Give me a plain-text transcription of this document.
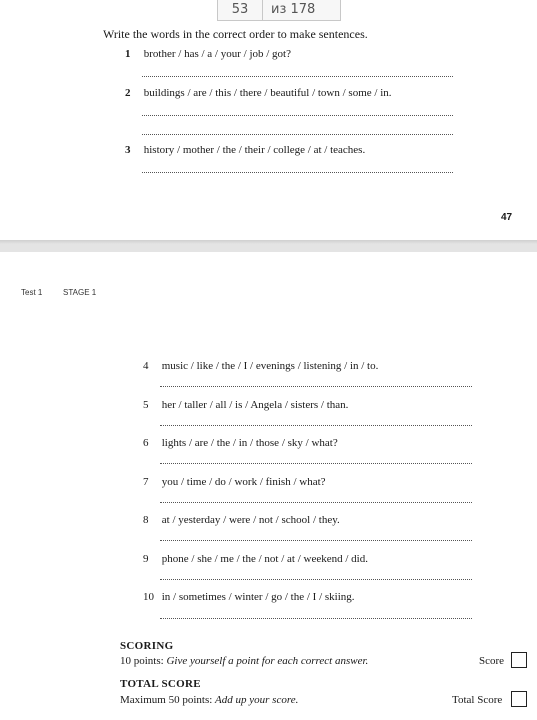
Write the words in the correct order to make sentences.
1 brother / has / a / your / job / got?
2 buildings / are / this / there / beautiful / town / some / in.
3 history / mother / the / their / college / at / teaches.
47
53	из 178
Test 1	STAGE 1
4 music / like / the / I / evenings / listening / in / to.
5 her / taller / all / is / Angela / sisters / than.
6 lights / are / the / in / those / sky / what?
7 you / time / do / work / finish / what?
8 at / yesterday / were / not / school / they.
9 phone / she / me / the / not / at / weekend / did.
10 in / sometimes / winter / go / the / I / skiing.
SCORING
10 points: Give yourself a point for each correct answer.	Score
TOTAL SCORE
Maximum 50 points: Add up your score.	Total Score
